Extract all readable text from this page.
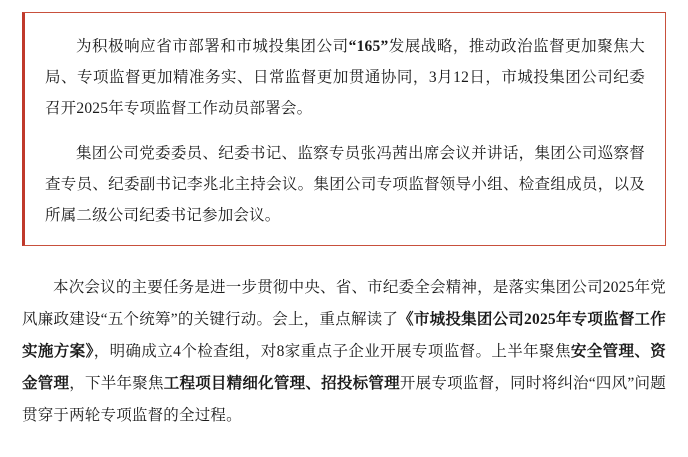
为积极响应省市部署和市城投集团公司“165”发展战略，推动政治监督更加聚焦大局、专项监督更加精准务实、日常监督更加贯通协同，3月12日，市城投集团公司纪委召开2025年专项监督工作动员部署会。

集团公司党委委员、纪委书记、监察专员张冯茜出席会议并讲话，集团公司巡察督查专员、纪委副书记李兆北主持会议。集团公司专项监督领导小组、检查组成员，以及所属二级公司纪委书记参加会议。

本次会议的主要任务是进一步贯彻中央、省、市纪委全会精神，是落实集团公司2025年党风廉政建设“五个统筹”的关键行动。会上，重点解读了《市城投集团公司2025年专项监督工作实施方案》，明确成立4个检查组，对8家重点子企业开展专项监督。上半年聚焦安全管理、资金管理，下半年聚焦工程项目精细化管理、招投标管理开展专项监督，同时将纠治“四风”问题贯穿于两轮专项监督的全过程。
